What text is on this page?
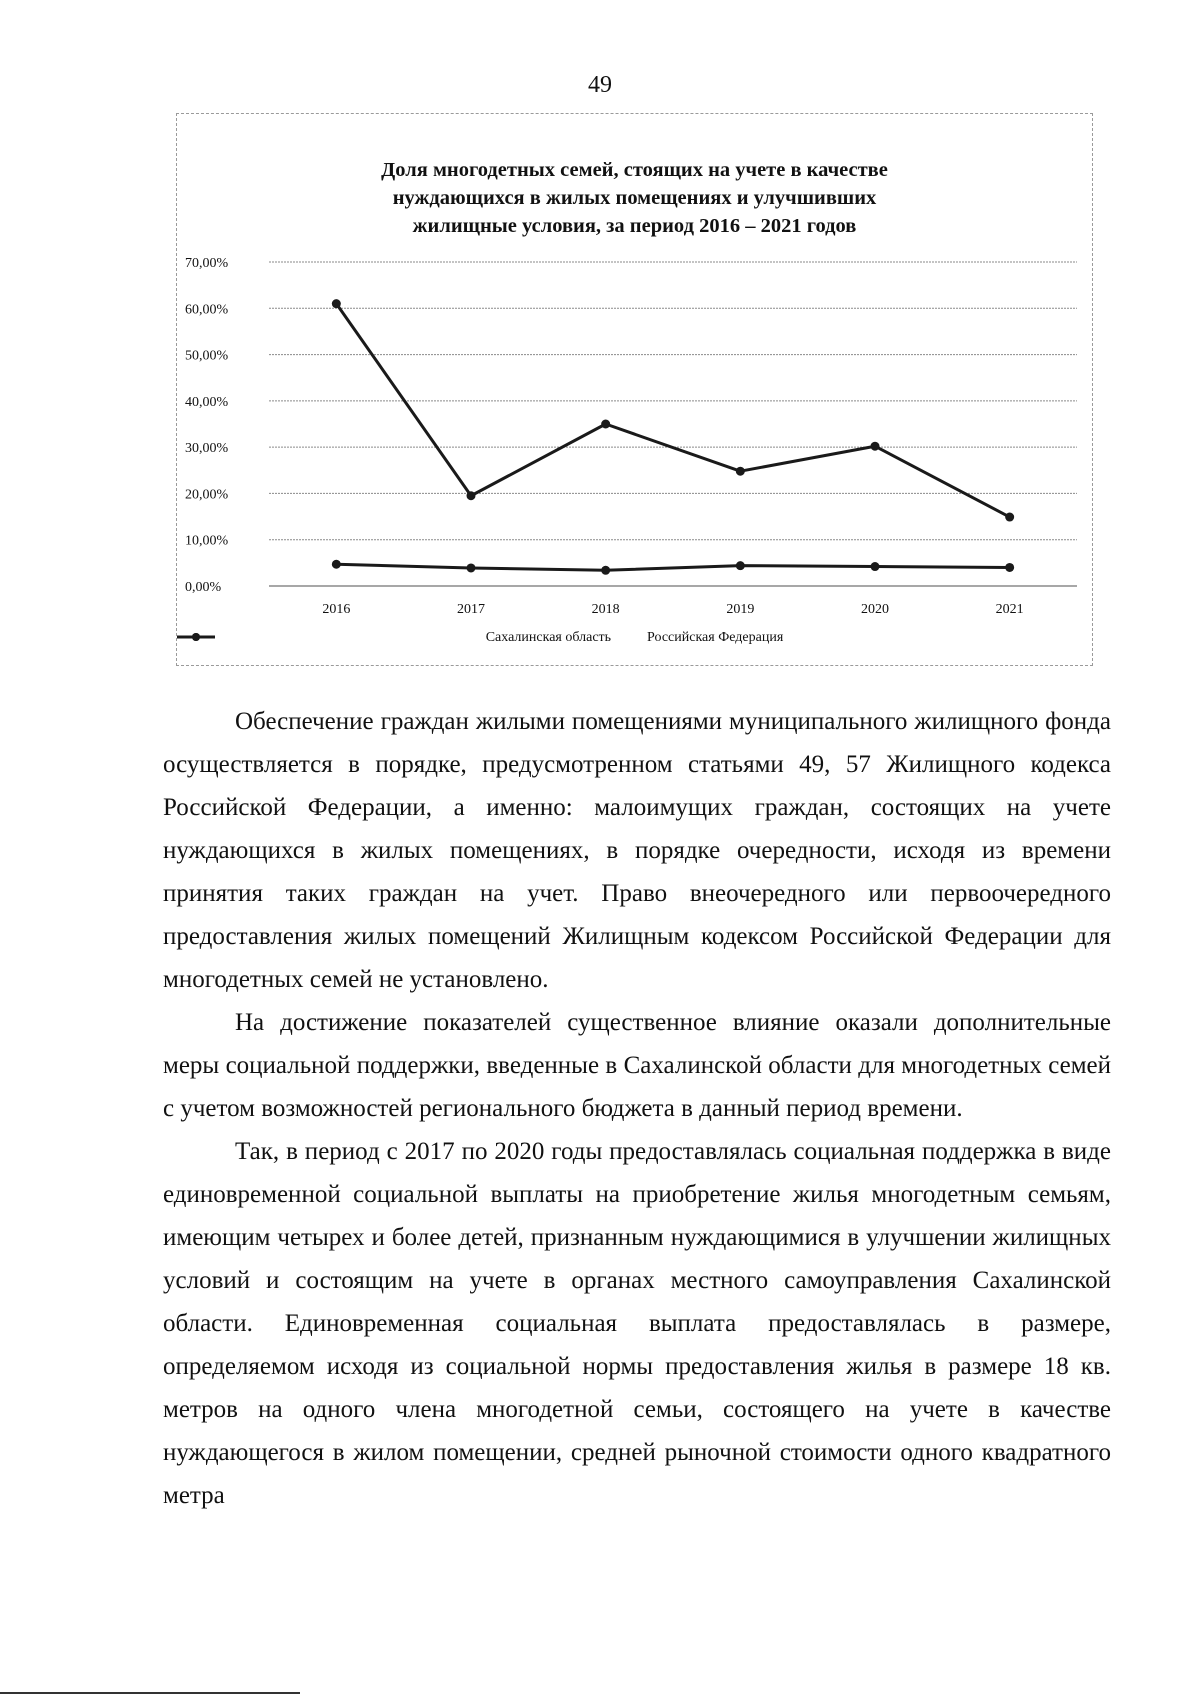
49
Доля многодетных семей, стоящих на учете в качестве
нуждающихся в жилых помещениях и улучшивших
жилищные условия, за период 2016 – 2021 годов
0,00%
10,00%
20,00%
30,00%
40,00%
50,00%
60,00%
70,00%
2016	2017	2018	2019	2020	2021
Сахалинская область	Российская Федерация

Обеспечение граждан жилыми помещениями муниципального жилищного фонда осуществляется в порядке, предусмотренном статьями 49, 57 Жилищного кодекса Российской Федерации, а именно: малоимущих граждан, состоящих на учете нуждающихся в жилых помещениях, в порядке очередности, исходя из времени принятия таких граждан на учет. Право внеочередного или первоочередного предоставления жилых помещений Жилищным кодексом Российской Федерации для многодетных семей не установлено.

На достижение показателей существенное влияние оказали дополнительные меры социальной поддержки, введенные в Сахалинской области для многодетных семей с учетом возможностей регионального бюджета в данный период времени.

Так, в период с 2017 по 2020 годы предоставлялась социальная поддержка в виде единовременной социальной выплаты на приобретение жилья многодетным семьям, имеющим четырех и более детей, признанным нуждающимися в улучшении жилищных условий и состоящим на учете в органах местного самоуправления Сахалинской области. Единовременная социальная выплата предоставлялась в размере, определяемом исходя из социальной нормы предоставления жилья в размере 18 кв. метров на одного члена многодетной семьи, состоящего на учете в качестве нуждающегося в жилом помещении, средней рыночной стоимости одного квадратного метра
